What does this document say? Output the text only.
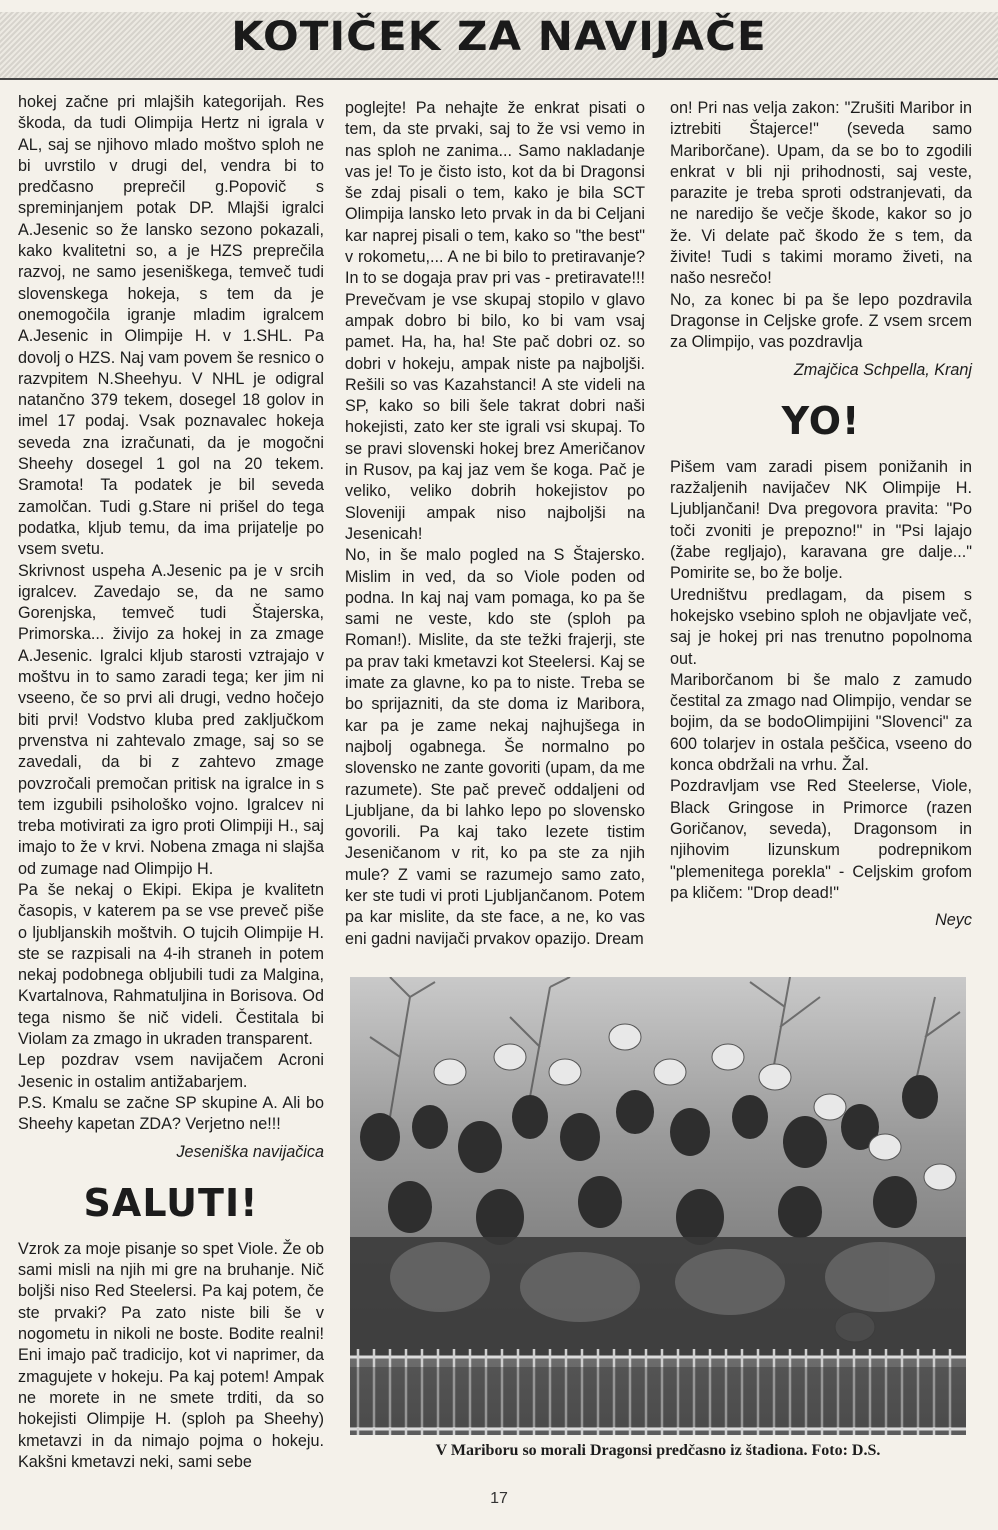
KOTIČEK ZA NAVIJAČE

hokej začne pri mlajših kategorijah. Res škoda, da tudi Olimpija Hertz ni igrala v AL, saj se njihovo mlado moštvo sploh ne bi uvrstilo v drugi del, vendra bi to predčasno preprečil g.Popovič s spreminjanjem potak DP. Mlajši igralci A.Jesenic so že lansko sezono pokazali, kako kvalitetni so, a je HZS preprečila razvoj, ne samo jeseniškega, temveč tudi slovenskega hokeja, s tem da je onemogočila igranje mladim igralcem A.Jesenic in Olimpije H. v 1.SHL. Pa dovolj o HZS. Naj vam povem še resnico o razvpitem N.Sheehyu. V NHL je odigral natančno 379 tekem, dosegel 18 golov in imel 17 podaj. Vsak poznavalec hokeja seveda zna izračunati, da je mogočni Sheehy dosegel 1 gol na 20 tekem. Sramota! Ta podatek je bil seveda zamolčan. Tudi g.Stare ni prišel do tega podatka, kljub temu, da ima prijatelje po vsem svetu.

Skrivnost uspeha A.Jesenic pa je v srcih igralcev. Zavedajo se, da ne samo Gorenjska, temveč tudi Štajerska, Primorska... živijo za hokej in za zmage A.Jesenic. Igralci kljub starosti vztrajajo v moštvu in to samo zaradi tega; ker jim ni vseeno, če so prvi ali drugi, vedno hočejo biti prvi! Vodstvo kluba pred zaključkom prvenstva ni zahtevalo zmage, saj so se zavedali, da bi z zahtevo zmage povzročali premočan pritisk na igralce in s tem izgubili psihološko vojno. Igralcev ni treba motivirati za igro proti Olimpiji H., saj imajo to že v krvi. Nobena zmaga ni slajša od zumage nad Olimpijo H.

Pa še nekaj o Ekipi. Ekipa je kvalitetn časopis, v katerem pa se vse preveč piše o ljubljanskih moštvih. O tujcih Olimpije H. ste se razpisali na 4-ih straneh in potem nekaj podobnega obljubili tudi za Malgina, Kvartalnova, Rahmatuljina in Borisova. Od tega nismo še nič videli. Čestitala bi Violam za zmago in ukraden transparent.

Lep pozdrav vsem navijačem Acroni Jesenic in ostalim antižabarjem.

P.S. Kmalu se začne SP skupine A. Ali bo Sheehy kapetan ZDA? Verjetno ne!!!

Jeseniška navijačica

SALUTI!

Vzrok za moje pisanje so spet Viole. Že ob sami misli na njih mi gre na bruhanje. Nič boljši niso Red Steelersi. Pa kaj potem, če ste prvaki? Pa zato niste bili še v nogometu in nikoli ne boste. Bodite realni! Eni imajo pač tradicijo, kot vi naprimer, da zmagujete v hokeju. Pa kaj potem! Ampak ne morete in ne smete trditi, da so hokejisti Olimpije H. (sploh pa Sheehy) kmetavzi in da nimajo pojma o hokeju. Kakšni kmetavzi neki, sami sebe

poglejte! Pa nehajte že enkrat pisati o tem, da ste prvaki, saj to že vsi vemo in nas sploh ne zanima... Samo nakladanje vas je! To je čisto isto, kot da bi Dragonsi še zdaj pisali o tem, kako je bila SCT Olimpija lansko leto prvak in da bi Celjani kar naprej pisali o tem, kako so "the best" v rokometu,... A ne bi bilo to pretiravanje? In to se dogaja prav pri vas - pretiravate!!! Prevečvam je vse skupaj stopilo v glavo ampak dobro bi bilo, ko bi vam vsaj pamet. Ha, ha, ha! Ste pač dobri oz. so dobri v hokeju, ampak niste pa najboljši. Rešili so vas Kazahstanci! A ste videli na SP, kako so bili šele takrat dobri naši hokejisti, zato ker ste igrali vsi skupaj. To se pravi slovenski hokej brez Američanov in Rusov, pa kaj jaz vem še koga. Pač je veliko, veliko dobrih hokejistov po Sloveniji ampak niso najboljši na Jesenicah!

No, in še malo pogled na S Štajersko. Mislim in ved, da so Viole poden od podna. In kaj naj vam pomaga, ko pa še sami ne veste, kdo ste (sploh pa Roman!). Mislite, da ste težki frajerji, ste pa prav taki kmetavzi kot Steelersi. Kaj se imate za glavne, ko pa to niste. Treba se bo sprijazniti, da ste doma iz Maribora, kar pa je zame nekaj najhujšega in najbolj ogabnega. Še normalno po slovensko ne zante govoriti (upam, da me razumete). Ste pač preveč oddaljeni od Ljubljane, da bi lahko lepo po slovensko govorili. Pa kaj tako lezete tistim Jeseničanom v rit, ko pa ste za njih mule? Z vami se razumejo samo zato, ker ste tudi vi proti Ljubljančanom. Potem pa kar mislite, da ste face, a ne, ko vas eni gadni navijači prvakov opazijo. Dream

on! Pri nas velja zakon: "Zrušiti Maribor in iztrebiti Štajerce!" (seveda samo Mariborčane). Upam, da se bo to zgodili enkrat v bli nji prihodnosti, saj veste, parazite je treba sproti odstranjevati, da ne naredijo še večje škode, kakor so jo že. Vi delate pač škodo že s tem, da živite! Tudi s takimi moramo živeti, na našo nesrečo!

No, za konec bi pa še lepo pozdravila Dragonse in Celjske grofe. Z vsem srcem za Olimpijo, vas pozdravlja

Zmajčica Schpella, Kranj

YO!

Pišem vam zaradi pisem ponižanih in razžaljenih navijačev NK Olimpije H. Ljubljančani! Dva pregovora pravita: "Po toči zvoniti je prepozno!" in "Psi lajajo (žabe regljajo), karavana gre dalje..." Pomirite se, bo že bolje.

Uredništvu predlagam, da pisem s hokejsko vsebino sploh ne objavljate več, saj je hokej pri nas trenutno popolnoma out.

Mariborčanom bi še malo z zamudo čestital za zmago nad Olimpijo, vendar se bojim, da se bodoOlimpijini "Slovenci" za 600 tolarjev in ostala peščica, vseeno do konca obdržali na vrhu. Žal.

Pozdravljam vse Red Steelerse, Viole, Black Gringose in Primorce (razen Goričanov, seveda), Dragonsom in njihovim lizunskum podrepnikom "plemenitega porekla" - Celjskim grofom pa kličem: "Drop dead!"

Neyc

V Mariboru so morali Dragonsi predčasno iz štadiona. Foto: D.S.
17
